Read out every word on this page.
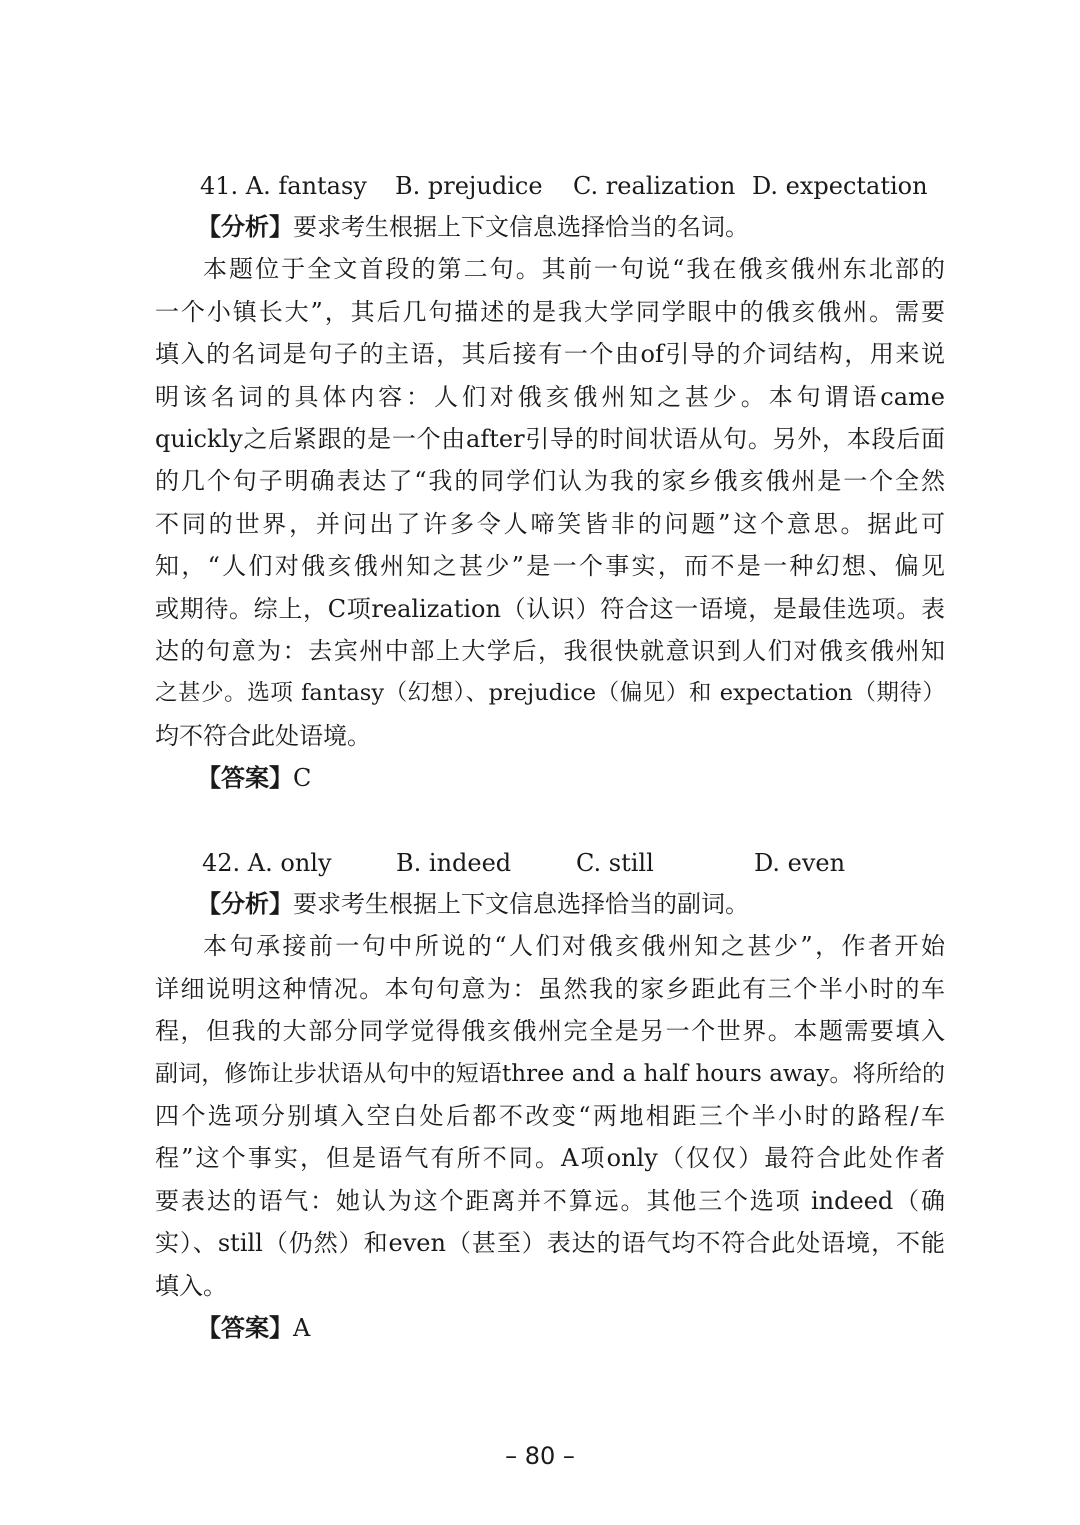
41. A. fantasy B. prejudice C. realization D. expectation
【分析】要求考生根据上下文信息选择恰当的名词。
本题位于全文首段的第二句。其前一句说“我在俄亥俄州东北部的
一个小镇长大”，其后几句描述的是我大学同学眼中的俄亥俄州。需要
填入的名词是句子的主语，其后接有一个由of引导的介词结构，用来说
明该名词的具体内容：人们对俄亥俄州知之甚少。本句谓语came
quickly之后紧跟的是一个由after引导的时间状语从句。另外，本段后面
的几个句子明确表达了“我的同学们认为我的家乡俄亥俄州是一个全然
不同的世界，并问出了许多令人啼笑皆非的问题”这个意思。据此可
知，“人们对俄亥俄州知之甚少”是一个事实，而不是一种幻想、偏见
或期待。综上，C项realization（认识）符合这一语境，是最佳选项。表
达的句意为：去宾州中部上大学后，我很快就意识到人们对俄亥俄州知
之甚少。选项 fantasy（幻想）、prejudice（偏见）和 expectation（期待）
均不符合此处语境。
【答案】C
42. A. only	B. indeed	C. still	D. even
【分析】要求考生根据上下文信息选择恰当的副词。
本句承接前一句中所说的“人们对俄亥俄州知之甚少”，作者开始
详细说明这种情况。本句句意为：虽然我的家乡距此有三个半小时的车
程，但我的大部分同学觉得俄亥俄州完全是另一个世界。本题需要填入
副词，修饰让步状语从句中的短语three and a half hours away。将所给的
四个选项分别填入空白处后都不改变“两地相距三个半小时的路程/车
程”这个事实，但是语气有所不同。A项only（仅仅）最符合此处作者
要表达的语气：她认为这个距离并不算远。其他三个选项 indeed（确
实）、still（仍然）和even（甚至）表达的语气均不符合此处语境，不能
填入。
【答案】A
– 80 –
